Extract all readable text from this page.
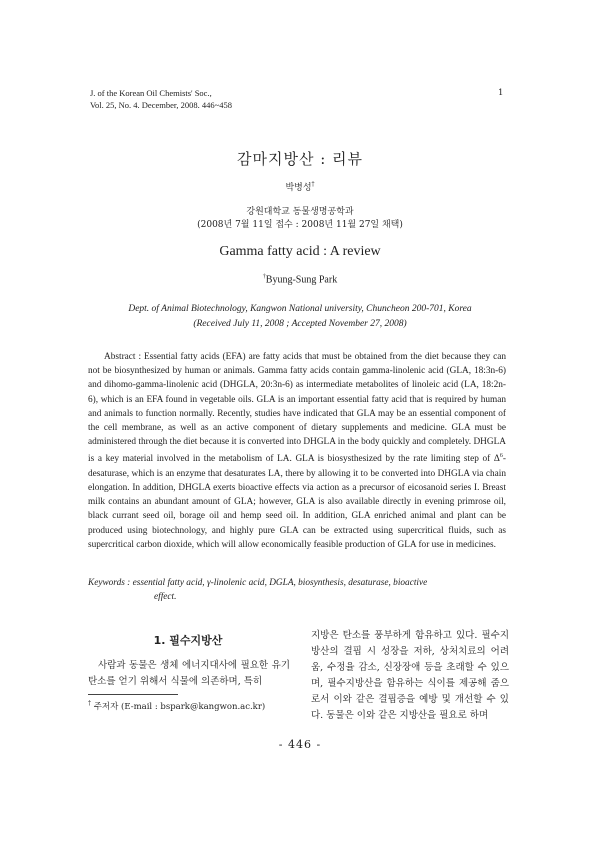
J. of the Korean Oil Chemists' Soc.,
Vol. 25, No. 4. December, 2008. 446~458
1
감마지방산 : 리뷰
박병성†
강원대학교 동물생명공학과
(2008년 7월 11일 접수 : 2008년 11월 27일 채택)
Gamma fatty acid : A review
†Byung-Sung Park
Dept. of Animal Biotechnology, Kangwon National university, Chuncheon 200-701, Korea
(Received July 11, 2008 ; Accepted November 27, 2008)
Abstract : Essential fatty acids (EFA) are fatty acids that must be obtained from the diet because they can not be biosynthesized by human or animals. Gamma fatty acids contain gamma-linolenic acid (GLA, 18:3n-6) and dihomo-gamma-linolenic acid (DHGLA, 20:3n-6) as intermediate metabolites of linoleic acid (LA, 18:2n-6), which is an EFA found in vegetable oils. GLA is an important essential fatty acid that is required by human and animals to function normally. Recently, studies have indicated that GLA may be an essential component of the cell membrane, as well as an active component of dietary supplements and medicine. GLA must be administered through the diet because it is converted into DHGLA in the body quickly and completely. DHGLA is a key material involved in the metabolism of LA. GLA is biosysthesized by the rate limiting step of $\Delta^6$-desaturase, which is an enzyme that desaturates LA, there by allowing it to be converted into DHGLA via chain elongation. In addition, DHGLA exerts bioactive effects via action as a precursor of eicosanoid series I. Breast milk contains an abundant amount of GLA; however, GLA is also available directly in evening primrose oil, black currant seed oil, borage oil and hemp seed oil. In addition, GLA enriched animal and plant can be produced using biotechnology, and highly pure GLA can be extracted using supercritical fluids, such as supercritical carbon dioxide, which will allow economically feasible production of GLA for use in medicines.
Keywords : essential fatty acid, γ-linolenic acid, DGLA, biosynthesis, desaturase, bioactive
effect.
1. 필수지방산
사람과 동물은 생체 에너지대사에 필요한 유기탄소를 얻기 위해서 식물에 의존하며, 특히
† 주저자 (E-mail : bspark@kangwon.ac.kr)
지방은 탄소를 풍부하게 함유하고 있다. 필수지방산의 결핍 시 성장을 저하, 상처치료의 어려움, 수정율 감소, 신장장애 등을 초래할 수 있으며, 필수지방산을 함유하는 식이를 제공해 줌으로서 이와 같은 결핍증을 예방 및 개선할 수 있다. 동물은 이와 같은 지방산을 필요로 하며
- 446 -
